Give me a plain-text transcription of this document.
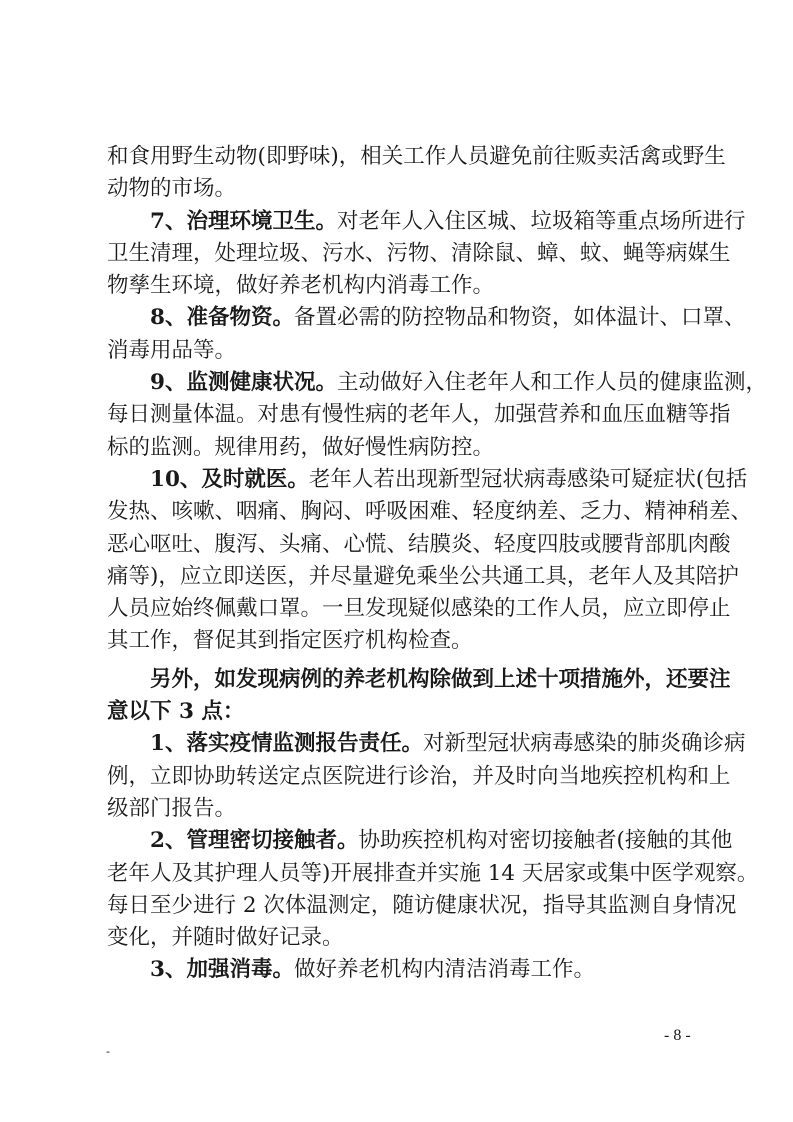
和食用野生动物(即野味)，相关工作人员避免前往贩卖活禽或野生
动物的市场。
7、治理环境卫生。对老年人入住区城、垃圾箱等重点场所进行
卫生清理，处理垃圾、污水、污物、清除鼠、蟑、蚊、蝇等病媒生
物孳生环境，做好养老机构内消毒工作。
8、准备物资。备置必需的防控物品和物资，如体温计、口罩、
消毒用品等。
9、监测健康状况。主动做好入住老年人和工作人员的健康监测，
每日测量体温。对患有慢性病的老年人，加强营养和血压血糖等指
标的监测。规律用药，做好慢性病防控。
10、及时就医。老年人若出现新型冠状病毒感染可疑症状(包括
发热、咳嗽、咽痛、胸闷、呼吸困难、轻度纳差、乏力、精神稍差、
恶心呕吐、腹泻、头痛、心慌、结膜炎、轻度四肢或腰背部肌肉酸
痛等)，应立即送医，并尽量避免乘坐公共通工具，老年人及其陪护
人员应始终佩戴口罩。一旦发现疑似感染的工作人员，应立即停止
其工作，督促其到指定医疗机构检查。
另外，如发现病例的养老机构除做到上述十项措施外，还要注
意以下 3 点：
1、落实疫情监测报告责任。对新型冠状病毒感染的肺炎确诊病
例，立即协助转送定点医院进行诊治，并及时向当地疾控机构和上
级部门报告。
2、管理密切接触者。协助疾控机构对密切接触者(接触的其他
老年人及其护理人员等)开展排查并实施 14 天居家或集中医学观察。
每日至少进行 2 次体温测定，随访健康状况，指导其监测自身情况
变化，并随时做好记录。
3、加强消毒。做好养老机构内清洁消毒工作。
- 8 -
-
